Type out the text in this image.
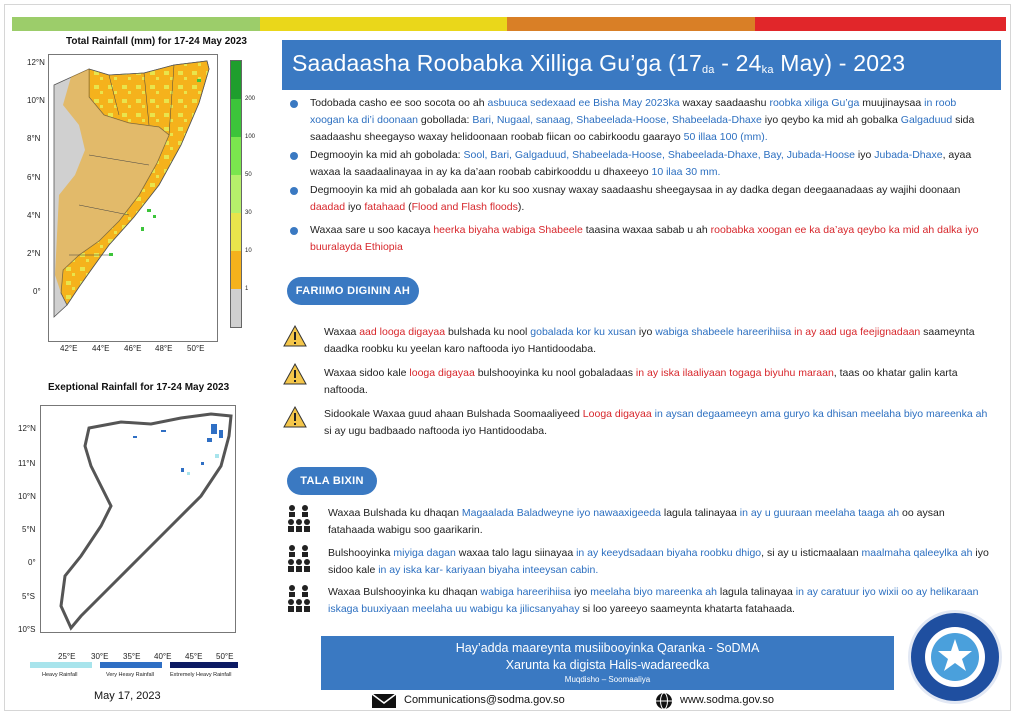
Total Rainfall (mm) for 17-24 May 2023
12°N
10°N
8°N
6°N
4°N
2°N
0°
42°E 44°E 46°E 48°E 50°E
200
100
50
30
10
1
Exeptional Rainfall for 17-24 May 2023
12°N
11°N
10°N
5°N
0°
5°S
10°S
25°E 30°E 35°E 40°E 45°E 50°E
Heavy Rainfall	Very Heavy Rainfall	Extremely Heavy Rainfall
May 17, 2023
Saadaasha Roobabka Xilliga Gu’ga ($17_{da} - 24_{ka}$ May) - 2023
Todobada casho ee soo socota oo ah asbuuca sedexaad ee Bisha May 2023ka waxay saadaashu roobka xiliga Gu’ga muujinaysaa in roob xoogan ka di’i doonaan gobollada: Bari, Nugaal, sanaag, Shabeelada-Hoose, Shabeelada-Dhaxe iyo qeybo ka mid ah gobalka Galgaduud sida saadaashu sheegayso waxay helidoonaan roobab fiican oo cabirkoodu gaarayo 50 illaa 100 (mm).
Degmooyin ka mid ah gobolada: Sool, Bari, Galgaduud, Shabeelada-Hoose, Shabeelada-Dhaxe, Bay, Jubada-Hoose iyo Jubada-Dhaxe, ayaa waxaa la saadaalinayaa in ay ka da’aan roobab cabirkooddu u dhaxeeyo 10 ilaa 30 mm.
Degmooyin ka mid ah gobalada aan kor ku soo xusnay waxay saadaashu sheegaysaa in ay dadka degan deegaanadaas ay wajihi doonaan daadad iyo fatahaad (Flood and Flash floods).
Waxaa sare u soo kacaya heerka biyaha wabiga Shabeele taasina waxaa sabab u ah roobabka xoogan ee ka da’aya qeybo ka mid ah dalka iyo buuralayda Ethiopia
FARIIMO DIGININ AH
Waxaa aad looga digayaa bulshada ku nool gobalada kor ku xusan iyo wabiga shabeele hareerihiisa in ay aad uga feejignadaan saameynta daadka roobku ku yeelan karo naftooda iyo Hantidoodaba.
Waxaa sidoo kale looga digayaa bulshooyinka ku nool gobaladaas in ay iska ilaaliyaan togaga biyuhu maraan, taas oo khatar galin karta naftooda.
Sidookale Waxaa guud ahaan Bulshada Soomaaliyeed Looga digayaa in aysan degaameeyn ama guryo ka dhisan meelaha biyo mareenka ah si ay ugu badbaado naftooda iyo Hantidoodaba.
TALA BIXIN
Waxaa Bulshada ku dhaqan Magaalada Baladweyne iyo nawaaxigeeda lagula talinayaa in ay u guuraan meelaha taaga ah oo aysan fatahaada wabigu soo gaarikarin.
Bulshooyinka miyiga dagan waxaa talo lagu siinayaa in ay keeydsadaan biyaha roobku dhigo, si ay u isticmaalaan maalmaha qaleeylka ah iyo sidoo kale in ay iska kar- kariyaan biyaha inteeysan cabin.
Waxaa Bulshooyinka ku dhaqan wabiga hareerihiisa iyo meelaha biyo mareenka ah lagula talinayaa in ay caratuur iyo wixii oo ay helikaraan iskaga buuxiyaan meelaha uu wabigu ka jilicsanyahay si loo yareeyo saameynta khatarta fatahaada.
Hay’adda maareynta musiibooyinka Qaranka - SoDMA
Xarunta ka digista Halis-wadareedka
Muqdisho – Soomaaliya
Communications@sodma.gov.so	www.sodma.gov.so
